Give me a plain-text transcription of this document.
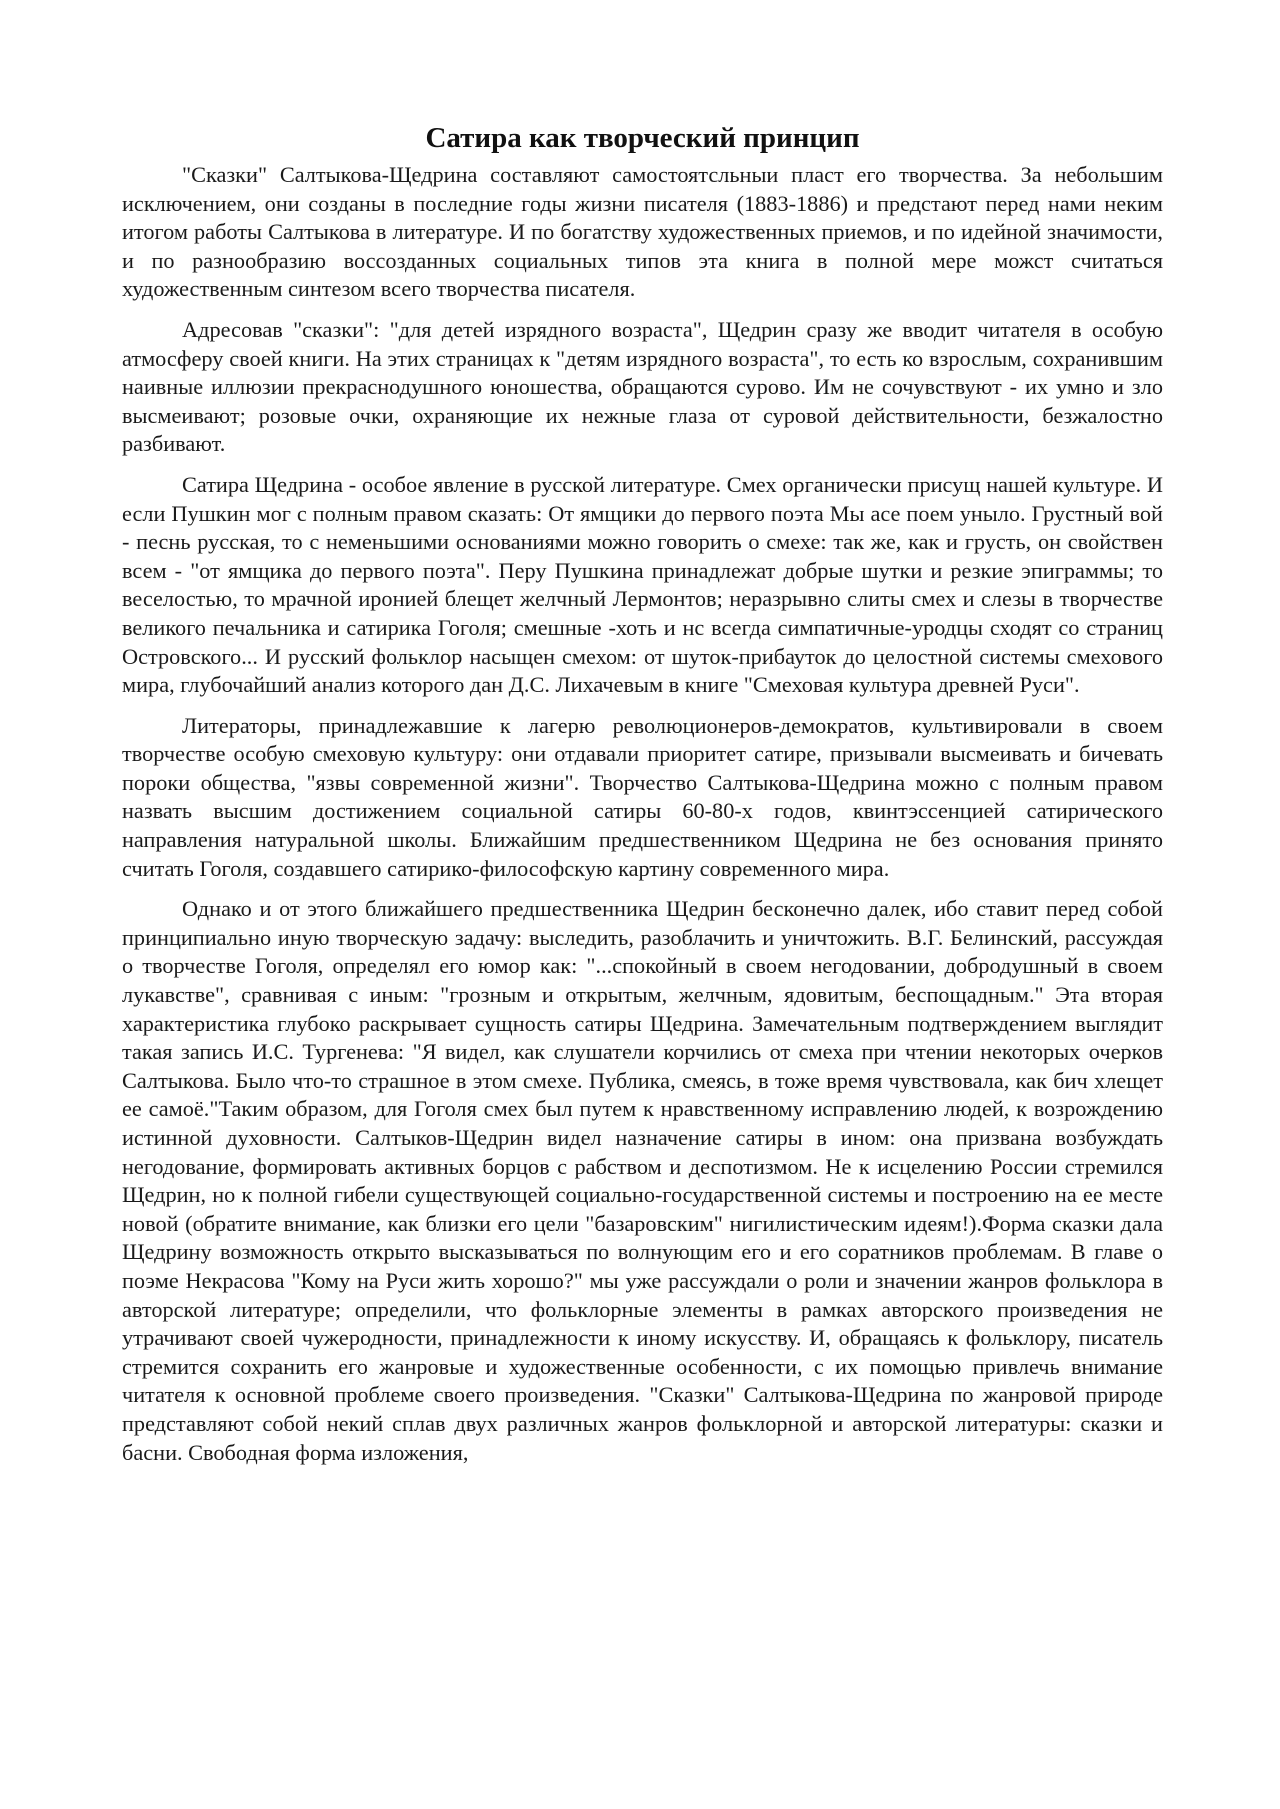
Сатира как творческий принцип

"Сказки" Салтыкова-Щедрина составляют самостоятсльныи пласт его творчества. За небольшим исключением, они созданы в последние годы жизни писателя (1883-1886) и предстают перед нами неким итогом работы Салтыкова в литературе. И по богатству художественных приемов, и по идейной значимости, и по разнообразию воссозданных социальных типов эта книга в полной мере можст считаться художественным синтезом всего творчества писателя.

Адресовав "сказки": "для детей изрядного возраста", Щедрин сразу же вводит читателя в особую атмосферу своей книги. На этих страницах к "детям изрядного возраста", то есть ко взрослым, сохранившим наивные иллюзии прекраснодушного юношества, обращаются сурово. Им не сочувствуют - их умно и зло высмеивают; розовые очки, охраняющие их нежные глаза от суровой действительности, безжалостно разбивают.

Сатира Щедрина - особое явление в русской литературе. Смех органически присущ нашей культуре. И если Пушкин мог с полным правом сказать: От ямщики до первого поэта Мы асе поем уныло. Грустный вой - песнь русская, то с неменьшими основаниями можно говорить о смехе: так же, как и грусть, он свойствен всем - "от ямщика до первого поэта". Перу Пушкина принадлежат добрые шутки и резкие эпиграммы; то веселостью, то мрачной иронией блещет желчный Лермонтов; неразрывно слиты смех и слезы в творчестве великого печальника и сатирика Гоголя; смешные -хоть и нс всегда симпатичные-уродцы сходят со страниц Островского... И русский фольклор насыщен смехом: от шуток-прибауток до целостной системы смехового мира, глубочайший анализ которого дан Д.С. Лихачевым в книге "Смеховая культура древней Руси".

Литераторы, принадлежавшие к лагерю революционеров-демократов, культивировали в своем творчестве особую смеховую культуру: они отдавали приоритет сатире, призывали высмеивать и бичевать пороки общества, "язвы современной жизни". Творчество Салтыкова-Щедрина можно с полным правом назвать высшим достижением социальной сатиры 60-80-х годов, квинтэссенцией сатирического направления натуральной школы. Ближайшим предшественником Щедрина не без основания принято считать Гоголя, создавшего сатирико-философскую картину современного мира.

Однако и от этого ближайшего предшественника Щедрин бесконечно далек, ибо ставит перед собой принципиально иную творческую задачу: выследить, разоблачить и уничтожить. В.Г. Белинский, рассуждая о творчестве Гоголя, определял его юмор как: "...спокойный в своем негодовании, добродушный в своем лукавстве", сравнивая с иным: "грозным и открытым, желчным, ядовитым, беспощадным." Эта вторая характеристика глубоко раскрывает сущность сатиры Щедрина. Замечательным подтверждением выглядит такая запись И.С. Тургенева: "Я видел, как слушатели корчились от смеха при чтении некоторых очерков Салтыкова. Было что-то страшное в этом смехе. Публика, смеясь, в тоже время чувствовала, как бич хлещет ее самоё."Таким образом, для Гоголя смех был путем к нравственному исправлению людей, к возрождению истинной духовности. Салтыков-Щедрин видел назначение сатиры в ином: она призвана возбуждать негодование, формировать активных борцов с рабством и деспотизмом. Не к исцелению России стремился Щедрин, но к полной гибели существующей социально-государственной системы и построению на ее месте новой (обратите внимание, как близки его цели "базаровским" нигилистическим идеям!).Форма сказки дала Щедрину возможность открыто высказываться по волнующим его и его соратников проблемам. В главе о поэме Некрасова "Кому на Руси жить хорошо?" мы уже рассуждали о роли и значении жанров фольклора в авторской литературе; определили, что фольклорные элементы в рамках авторского произведения не утрачивают своей чужеродности, принадлежности к иному искусству. И, обращаясь к фольклору, писатель стремится сохранить его жанровые и художественные особенности, с их помощью привлечь внимание читателя к основной проблеме своего произведения. "Сказки" Салтыкова-Щедрина по жанровой природе представляют собой некий сплав двух различных жанров фольклорной и авторской литературы: сказки и басни. Свободная форма изложения,
